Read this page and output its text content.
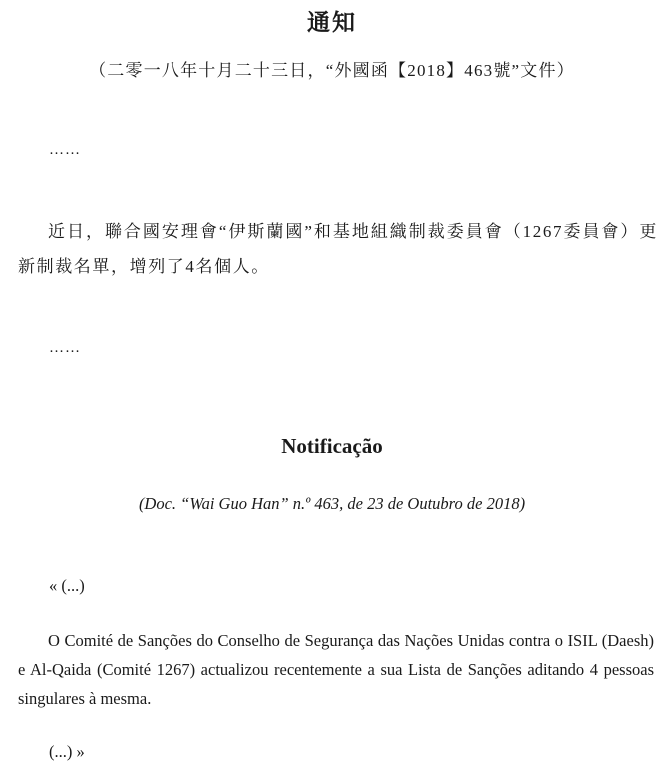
通知
（二零一八年十月二十三日，“外國函【2018】463號”文件）
……
近日，聯合國安理會“伊斯蘭國”和基地組織制裁委員會（1267委員會）更新制裁名單，增列了4名個人。
……
Notificação
(Doc. “Wai Guo Han” n.º 463, de 23 de Outubro de 2018)
« (...)
O Comité de Sanções do Conselho de Segurança das Nações Unidas contra o ISIL (Daesh) e Al-Qaida (Comité 1267) actualizou recentemente a sua Lista de Sanções aditando 4 pessoas singulares à mesma.
(...) »
